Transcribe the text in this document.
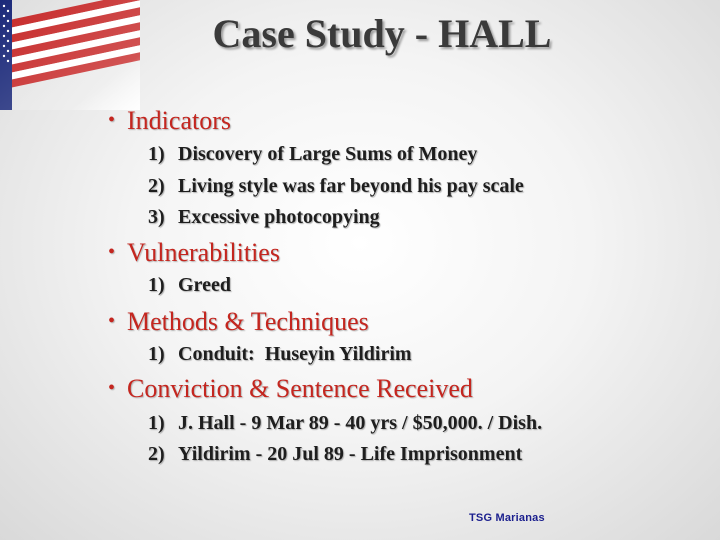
Case Study - HALL
• Indicators
1) Discovery of Large Sums of Money
2) Living style was far beyond his pay scale
3) Excessive photocopying
• Vulnerabilities
1) Greed
• Methods & Techniques
1) Conduit:  Huseyin Yildirim
• Conviction & Sentence Received
1) J. Hall - 9 Mar 89 - 40 yrs / $50,000. / Dish.
2) Yildirim - 20 Jul 89 - Life Imprisonment
TSG Marianas
